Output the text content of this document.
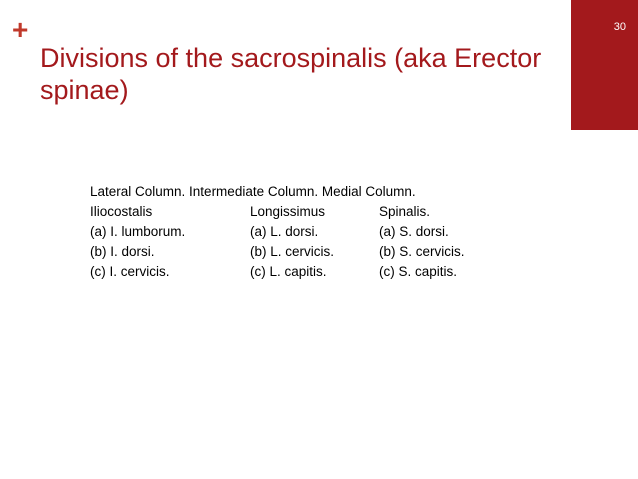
+	30
Divisions of the sacrospinalis (aka Erector spinae)
Lateral Column. Intermediate Column. Medial Column.
Iliocostalis	Longissimus	Spinalis.
(a) I. lumborum.	(a) L. dorsi.	(a) S. dorsi.
(b) I. dorsi.	(b) L. cervicis.	(b) S. cervicis.
(c) I. cervicis.	(c) L. capitis.	(c) S. capitis.
